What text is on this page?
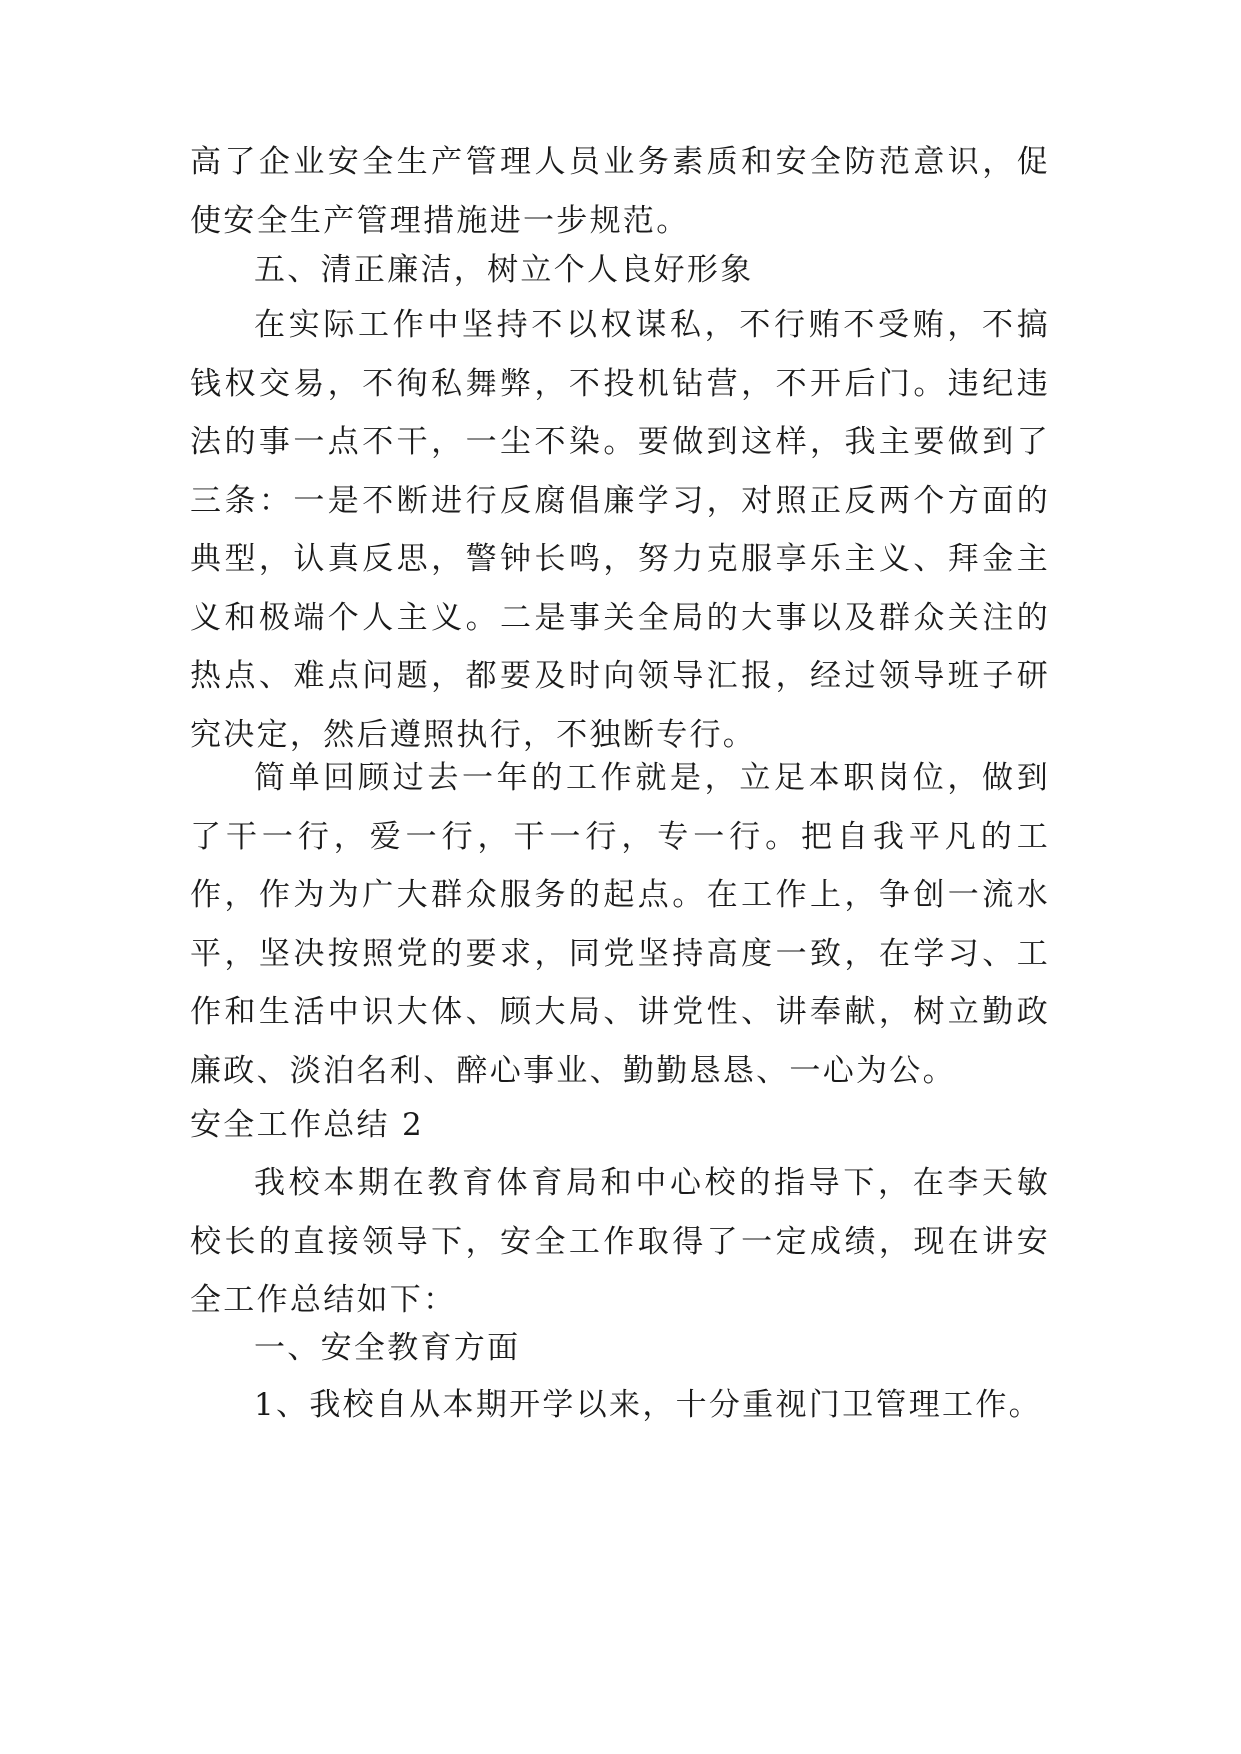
高了企业安全生产管理人员业务素质和安全防范意识，促使安全生产管理措施进一步规范。

五、清正廉洁，树立个人良好形象

在实际工作中坚持不以权谋私，不行贿不受贿，不搞钱权交易，不徇私舞弊，不投机钻营，不开后门。违纪违法的事一点不干，一尘不染。要做到这样，我主要做到了三条：一是不断进行反腐倡廉学习，对照正反两个方面的典型，认真反思，警钟长鸣，努力克服享乐主义、拜金主义和极端个人主义。二是事关全局的大事以及群众关注的热点、难点问题，都要及时向领导汇报，经过领导班子研究决定，然后遵照执行，不独断专行。

简单回顾过去一年的工作就是，立足本职岗位，做到了干一行，爱一行，干一行，专一行。把自我平凡的工作，作为为广大群众服务的起点。在工作上，争创一流水平，坚决按照党的要求，同党坚持高度一致，在学习、工作和生活中识大体、顾大局、讲党性、讲奉献，树立勤政廉政、淡泊名利、醉心事业、勤勤恳恳、一心为公。

安全工作总结 2

我校本期在教育体育局和中心校的指导下，在李天敏校长的直接领导下，安全工作取得了一定成绩，现在讲安全工作总结如下：

一、安全教育方面

1、我校自从本期开学以来，十分重视门卫管理工作。
